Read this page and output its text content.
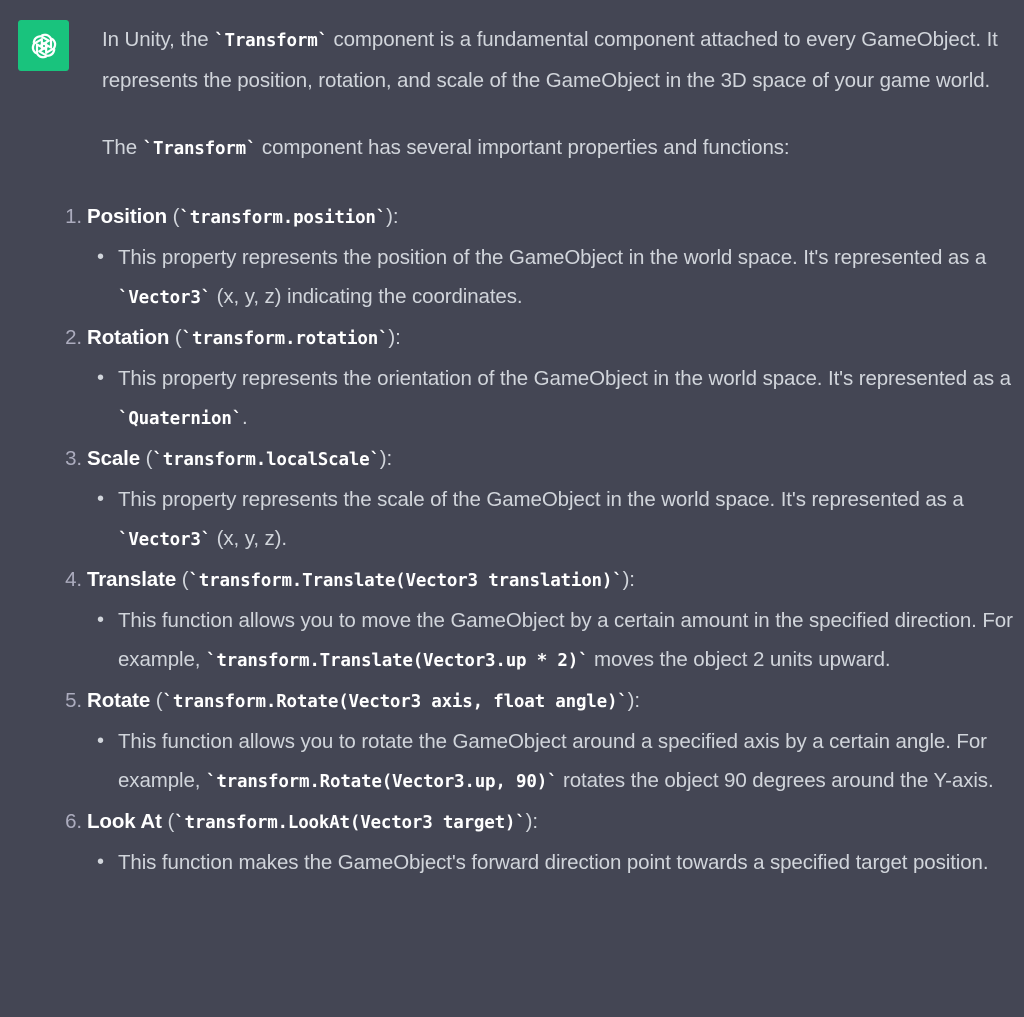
In Unity, the `Transform` component is a fundamental component attached to every GameObject. It represents the position, rotation, and scale of the GameObject in the 3D space of your game world.

The `Transform` component has several important properties and functions:

1. Position (`transform.position`):
• This property represents the position of the GameObject in the world space. It's represented as a `Vector3` (x, y, z) indicating the coordinates.
2. Rotation (`transform.rotation`):
• This property represents the orientation of the GameObject in the world space. It's represented as a `Quaternion`.
3. Scale (`transform.localScale`):
• This property represents the scale of the GameObject in the world space. It's represented as a `Vector3` (x, y, z).
4. Translate (`transform.Translate(Vector3 translation)`):
• This function allows you to move the GameObject by a certain amount in the specified direction. For example, `transform.Translate(Vector3.up * 2)` moves the object 2 units upward.
5. Rotate (`transform.Rotate(Vector3 axis, float angle)`):
• This function allows you to rotate the GameObject around a specified axis by a certain angle. For example, `transform.Rotate(Vector3.up, 90)` rotates the object 90 degrees around the Y-axis.
6. Look At (`transform.LookAt(Vector3 target)`):
• This function makes the GameObject's forward direction point towards a specified target position.
